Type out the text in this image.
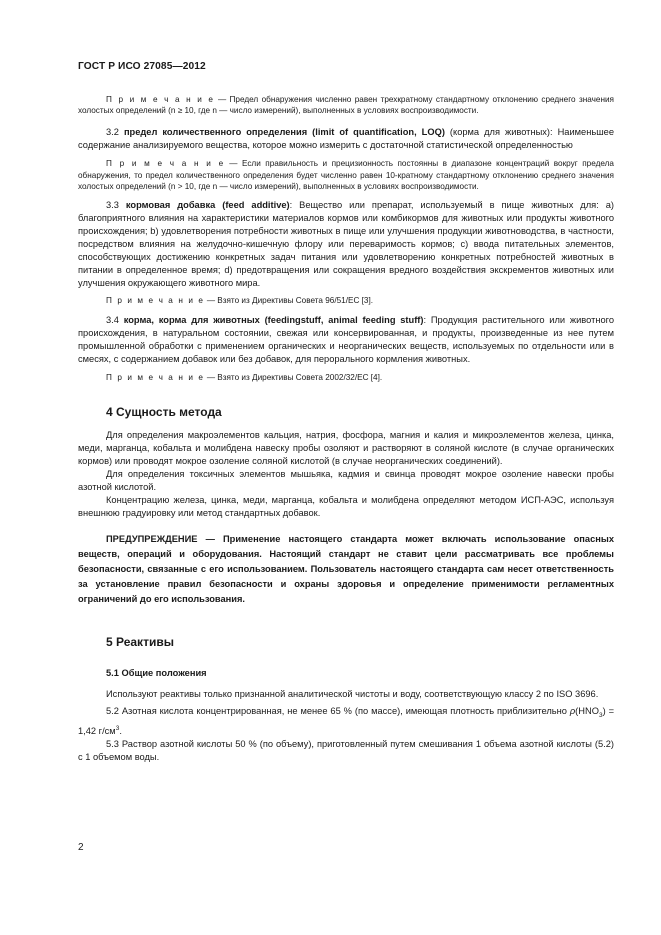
ГОСТ Р ИСО 27085—2012

П р и м е ч а н и е — Предел обнаружения численно равен трехкратному стандартному отклонению среднего значения холостых определений (n ≥ 10, где n — число измерений), выполненных в условиях воспроизводимости.

3.2 предел количественного определения (limit of quantification, LOQ) (корма для животных): Наименьшее содержание анализируемого вещества, которое можно измерить с достаточной статистической определенностью

П р и м е ч а н и е — Если правильность и прецизионность постоянны в диапазоне концентраций вокруг предела обнаружения, то предел количественного определения будет численно равен 10-кратному стандартному отклонению среднего значения холостых определений (n > 10, где n — число измерений), выполненных в условиях воспроизводимости.

3.3 кормовая добавка (feed additive): Вещество или препарат, используемый в пище животных для: а) благоприятного влияния на характеристики материалов кормов или комбикормов для животных или продукты животного происхождения; b) удовлетворения потребности животных в пище или улучшения продукции животноводства, в частности, посредством влияния на желудочно-кишечную флору или переваримость кормов; с) ввода питательных элементов, способствующих достижению конкретных задач питания или удовлетворению конкретных потребностей животных в питании в определенное время; d) предотвращения или сокращения вредного воздействия экскрементов животных или улучшения окружающего животного мира.

П р и м е ч а н и е — Взято из Директивы Совета 96/51/ЕС [3].

3.4 корма, корма для животных (feedingstuff, animal feeding stuff): Продукция растительного или животного происхождения, в натуральном состоянии, свежая или консервированная, и продукты, произведенные из нее путем промышленной обработки с применением органических и неорганических веществ, используемых по отдельности или в смесях, с содержанием добавок или без добавок, для перорального кормления животных.

П р и м е ч а н и е — Взято из Директивы Совета 2002/32/ЕС [4].

4 Сущность метода

Для определения макроэлементов кальция, натрия, фосфора, магния и калия и микроэлементов железа, цинка, меди, марганца, кобальта и молибдена навеску пробы озоляют и растворяют в соляной кислоте (в случае органических кормов) или проводят мокрое озоление соляной кислотой (в случае неорганических соединений).

Для определения токсичных элементов мышьяка, кадмия и свинца проводят мокрое озоление навески пробы азотной кислотой.

Концентрацию железа, цинка, меди, марганца, кобальта и молибдена определяют методом ИСП-АЭС, используя внешнюю градуировку или метод стандартных добавок.

ПРЕДУПРЕЖДЕНИЕ — Применение настоящего стандарта может включать использование опасных веществ, операций и оборудования. Настоящий стандарт не ставит цели рассматривать все проблемы безопасности, связанные с его использованием. Пользователь настоящего стандарта сам несет ответственность за установление правил безопасности и охраны здоровья и определение применимости регламентных ограничений до его использования.

5 Реактивы

5.1 Общие положения

Используют реактивы только признанной аналитической чистоты и воду, соответствующую классу 2 по ISO 3696.

5.2 Азотная кислота концентрированная, не менее 65 % (по массе), имеющая плотность приблизительно $\rho(HNO_3) = 1,42$ $г/см^3$.

5.3 Раствор азотной кислоты 50 % (по объему), приготовленный путем смешивания 1 объема азотной кислоты (5.2) с 1 объемом воды.

2
